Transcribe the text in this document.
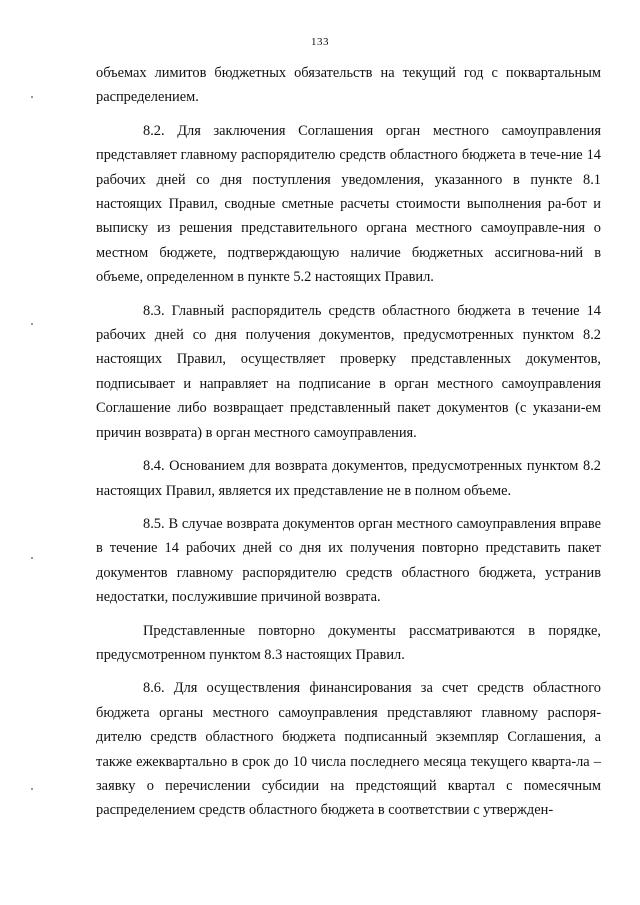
133

объемах лимитов бюджетных обязательств на текущий год с поквартальным распределением.

8.2. Для заключения Соглашения орган местного самоуправления представляет главному распорядителю средств областного бюджета в тече-ние 14 рабочих дней со дня поступления уведомления, указанного в пункте 8.1 настоящих Правил, сводные сметные расчеты стоимости выполнения ра-бот и выписку из решения представительного органа местного самоуправле-ния о местном бюджете, подтверждающую наличие бюджетных ассигнова-ний в объеме, определенном в пункте 5.2 настоящих Правил.

8.3. Главный распорядитель средств областного бюджета в течение 14 рабочих дней со дня получения документов, предусмотренных пунктом 8.2 настоящих Правил, осуществляет проверку представленных документов, подписывает и направляет на подписание в орган местного самоуправления Соглашение либо возвращает представленный пакет документов (с указани-ем причин возврата) в орган местного самоуправления.

8.4. Основанием для возврата документов, предусмотренных пунктом 8.2 настоящих Правил, является их представление не в полном объеме.

8.5. В случае возврата документов орган местного самоуправления вправе в течение 14 рабочих дней со дня их получения повторно представить пакет документов главному распорядителю средств областного бюджета, устранив недостатки, послужившие причиной возврата.

Представленные повторно документы рассматриваются в порядке, предусмотренном пунктом 8.3 настоящих Правил.

8.6. Для осуществления финансирования за счет средств областного бюджета органы местного самоуправления представляют главному распоря-дителю средств областного бюджета подписанный экземпляр Соглашения, а также ежеквартально в срок до 10 числа последнего месяца текущего кварта-ла – заявку о перечислении субсидии на предстоящий квартал с помесячным распределением средств областного бюджета в соответствии с утвержден-
